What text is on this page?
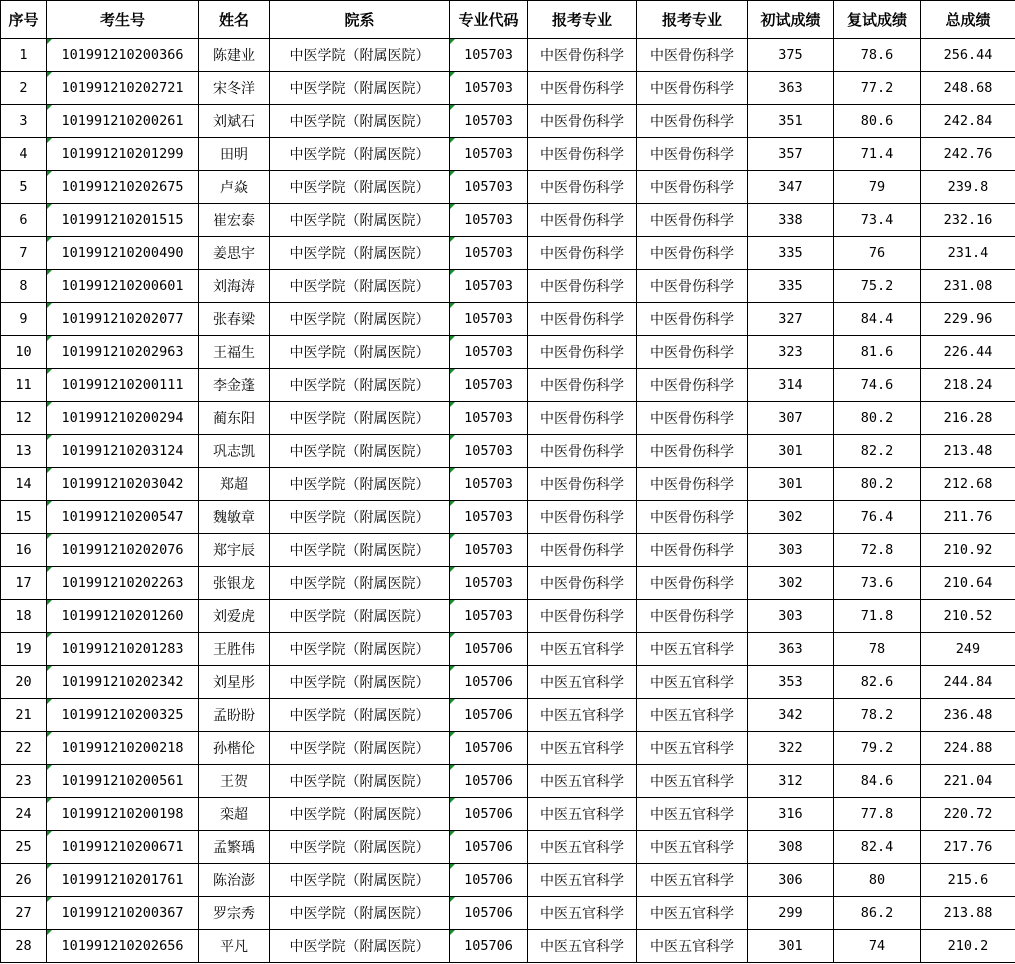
序号	考生号	姓名	院系	专业代码	报考专业	报考专业	初试成绩	复试成绩	总成绩
1	101991210200366	陈建业	中医学院（附属医院）	105703	中医骨伤科学	中医骨伤科学	375	78.6	256.44
2	101991210202721	宋冬洋	中医学院（附属医院）	105703	中医骨伤科学	中医骨伤科学	363	77.2	248.68
3	101991210200261	刘斌石	中医学院（附属医院）	105703	中医骨伤科学	中医骨伤科学	351	80.6	242.84
4	101991210201299	田明	中医学院（附属医院）	105703	中医骨伤科学	中医骨伤科学	357	71.4	242.76
5	101991210202675	卢焱	中医学院（附属医院）	105703	中医骨伤科学	中医骨伤科学	347	79	239.8
6	101991210201515	崔宏泰	中医学院（附属医院）	105703	中医骨伤科学	中医骨伤科学	338	73.4	232.16
7	101991210200490	姜思宇	中医学院（附属医院）	105703	中医骨伤科学	中医骨伤科学	335	76	231.4
8	101991210200601	刘海涛	中医学院（附属医院）	105703	中医骨伤科学	中医骨伤科学	335	75.2	231.08
9	101991210202077	张春梁	中医学院（附属医院）	105703	中医骨伤科学	中医骨伤科学	327	84.4	229.96
10	101991210202963	王福生	中医学院（附属医院）	105703	中医骨伤科学	中医骨伤科学	323	81.6	226.44
11	101991210200111	李金蓬	中医学院（附属医院）	105703	中医骨伤科学	中医骨伤科学	314	74.6	218.24
12	101991210200294	蔺东阳	中医学院（附属医院）	105703	中医骨伤科学	中医骨伤科学	307	80.2	216.28
13	101991210203124	巩志凯	中医学院（附属医院）	105703	中医骨伤科学	中医骨伤科学	301	82.2	213.48
14	101991210203042	郑超	中医学院（附属医院）	105703	中医骨伤科学	中医骨伤科学	301	80.2	212.68
15	101991210200547	魏敏章	中医学院（附属医院）	105703	中医骨伤科学	中医骨伤科学	302	76.4	211.76
16	101991210202076	郑宇辰	中医学院（附属医院）	105703	中医骨伤科学	中医骨伤科学	303	72.8	210.92
17	101991210202263	张银龙	中医学院（附属医院）	105703	中医骨伤科学	中医骨伤科学	302	73.6	210.64
18	101991210201260	刘爱虎	中医学院（附属医院）	105703	中医骨伤科学	中医骨伤科学	303	71.8	210.52
19	101991210201283	王胜伟	中医学院（附属医院）	105706	中医五官科学	中医五官科学	363	78	249
20	101991210202342	刘星彤	中医学院（附属医院）	105706	中医五官科学	中医五官科学	353	82.6	244.84
21	101991210200325	孟盼盼	中医学院（附属医院）	105706	中医五官科学	中医五官科学	342	78.2	236.48
22	101991210200218	孙楷伦	中医学院（附属医院）	105706	中医五官科学	中医五官科学	322	79.2	224.88
23	101991210200561	王贺	中医学院（附属医院）	105706	中医五官科学	中医五官科学	312	84.6	221.04
24	101991210200198	栾超	中医学院（附属医院）	105706	中医五官科学	中医五官科学	316	77.8	220.72
25	101991210200671	孟繁瑀	中医学院（附属医院）	105706	中医五官科学	中医五官科学	308	82.4	217.76
26	101991210201761	陈治澎	中医学院（附属医院）	105706	中医五官科学	中医五官科学	306	80	215.6
27	101991210200367	罗宗秀	中医学院（附属医院）	105706	中医五官科学	中医五官科学	299	86.2	213.88
28	101991210202656	平凡	中医学院（附属医院）	105706	中医五官科学	中医五官科学	301	74	210.2
